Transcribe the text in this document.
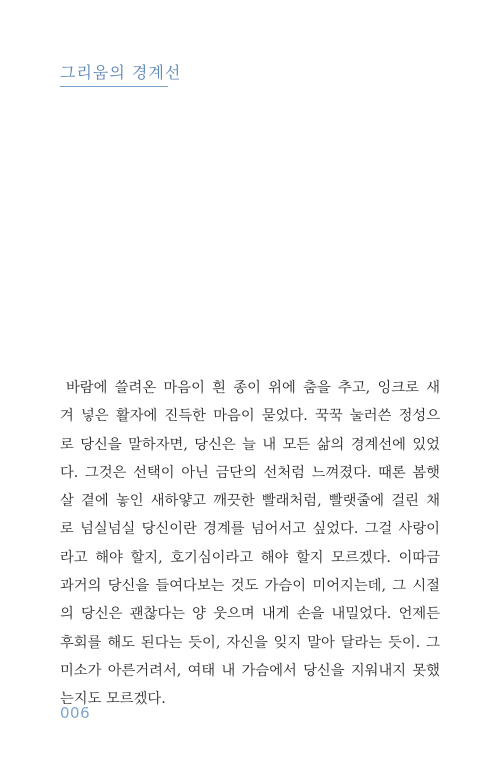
그리움의 경계선
바람에 쓸려온 마음이 흰 종이 위에 춤을 추고, 잉크로 새
겨 넣은 활자에 진득한 마음이 묻었다. 꾹꾹 눌러쓴 정성으
로 당신을 말하자면, 당신은 늘 내 모든 삶의 경계선에 있었
다. 그것은 선택이 아닌 금단의 선처럼 느껴졌다. 때론 봄햇
살 곁에 놓인 새하얗고 깨끗한 빨래처럼, 빨랫줄에 걸린 채
로 넘실넘실 당신이란 경계를 넘어서고 싶었다. 그걸 사랑이
라고 해야 할지, 호기심이라고 해야 할지 모르겠다. 이따금
과거의 당신을 들여다보는 것도 가슴이 미어지는데, 그 시절
의 당신은 괜찮다는 양 웃으며 내게 손을 내밀었다. 언제든
후회를 해도 된다는 듯이, 자신을 잊지 말아 달라는 듯이. 그
미소가 아른거려서, 여태 내 가슴에서 당신을 지워내지 못했
는지도 모르겠다.
006
